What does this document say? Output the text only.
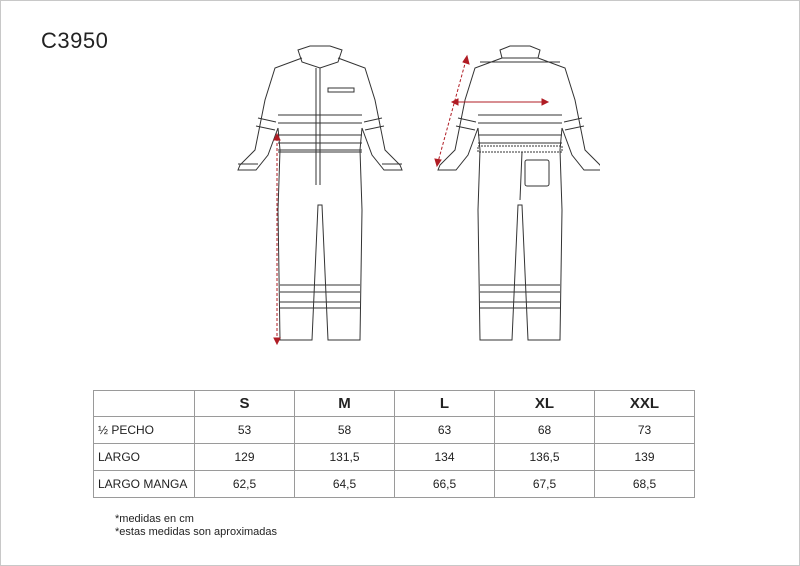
C3950
	S	M	L	XL	XXL
½ PECHO	53	58	63	68	73
LARGO	129	131,5	134	136,5	139
LARGO MANGA	62,5	64,5	66,5	67,5	68,5
*medidas en cm
*estas medidas son aproximadas
